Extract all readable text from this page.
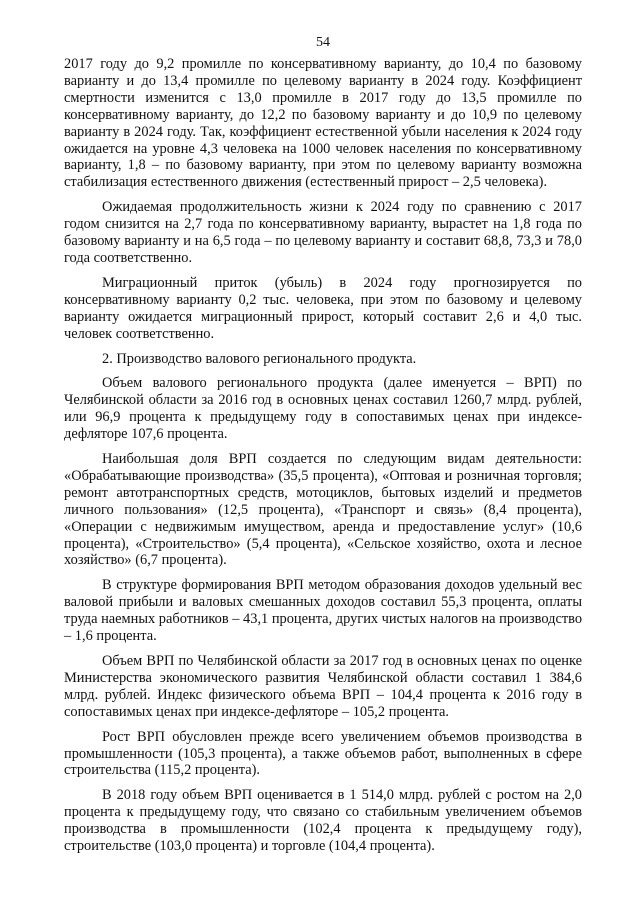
54

2017 году до 9,2 промилле по консервативному варианту, до 10,4 по базовому варианту и до 13,4 промилле по целевому варианту в 2024 году. Коэффициент смертности изменится с 13,0 промилле в 2017 году до 13,5 промилле по консервативному варианту, до 12,2 по базовому варианту и до 10,9 по целевому варианту в 2024 году. Так, коэффициент естественной убыли населения к 2024 году ожидается на уровне 4,3 человека на 1000 человек населения по консервативному варианту, 1,8 – по базовому варианту, при этом по целевому варианту возможна стабилизация естественного движения (естественный прирост – 2,5 человека).

Ожидаемая продолжительность жизни к 2024 году по сравнению с 2017 годом снизится на 2,7 года по консервативному варианту, вырастет на 1,8 года по базовому варианту и на 6,5 года – по целевому варианту и составит 68,8, 73,3 и 78,0 года соответственно.

Миграционный приток (убыль) в 2024 году прогнозируется по консервативному варианту 0,2 тыс. человека, при этом по базовому и целевому варианту ожидается миграционный прирост, который составит 2,6 и 4,0 тыс. человек соответственно.

2. Производство валового регионального продукта.

Объем валового регионального продукта (далее именуется – ВРП) по Челябинской области за 2016 год в основных ценах составил 1260,7 млрд. рублей, или 96,9 процента к предыдущему году в сопоставимых ценах при индексе-дефляторе 107,6 процента.

Наибольшая доля ВРП создается по следующим видам деятельности: «Обрабатывающие производства» (35,5 процента), «Оптовая и розничная торговля; ремонт автотранспортных средств, мотоциклов, бытовых изделий и предметов личного пользования» (12,5 процента), «Транспорт и связь» (8,4 процента), «Операции с недвижимым имуществом, аренда и предоставление услуг» (10,6 процента), «Строительство» (5,4 процента), «Сельское хозяйство, охота и лесное хозяйство» (6,7 процента).

В структуре формирования ВРП методом образования доходов удельный вес валовой прибыли и валовых смешанных доходов составил 55,3 процента, оплаты труда наемных работников – 43,1 процента, других чистых налогов на производство – 1,6 процента.

Объем ВРП по Челябинской области за 2017 год в основных ценах по оценке Министерства экономического развития Челябинской области составил 1 384,6 млрд. рублей. Индекс физического объема ВРП – 104,4 процента к 2016 году в сопоставимых ценах при индексе-дефляторе – 105,2 процента.

Рост ВРП обусловлен прежде всего увеличением объемов производства в промышленности (105,3 процента), а также объемов работ, выполненных в сфере строительства (115,2 процента).

В 2018 году объем ВРП оценивается в 1 514,0 млрд. рублей с ростом на 2,0 процента к предыдущему году, что связано со стабильным увеличением объемов производства в промышленности (102,4 процента к предыдущему году), строительстве (103,0 процента) и торговле (104,4 процента).
